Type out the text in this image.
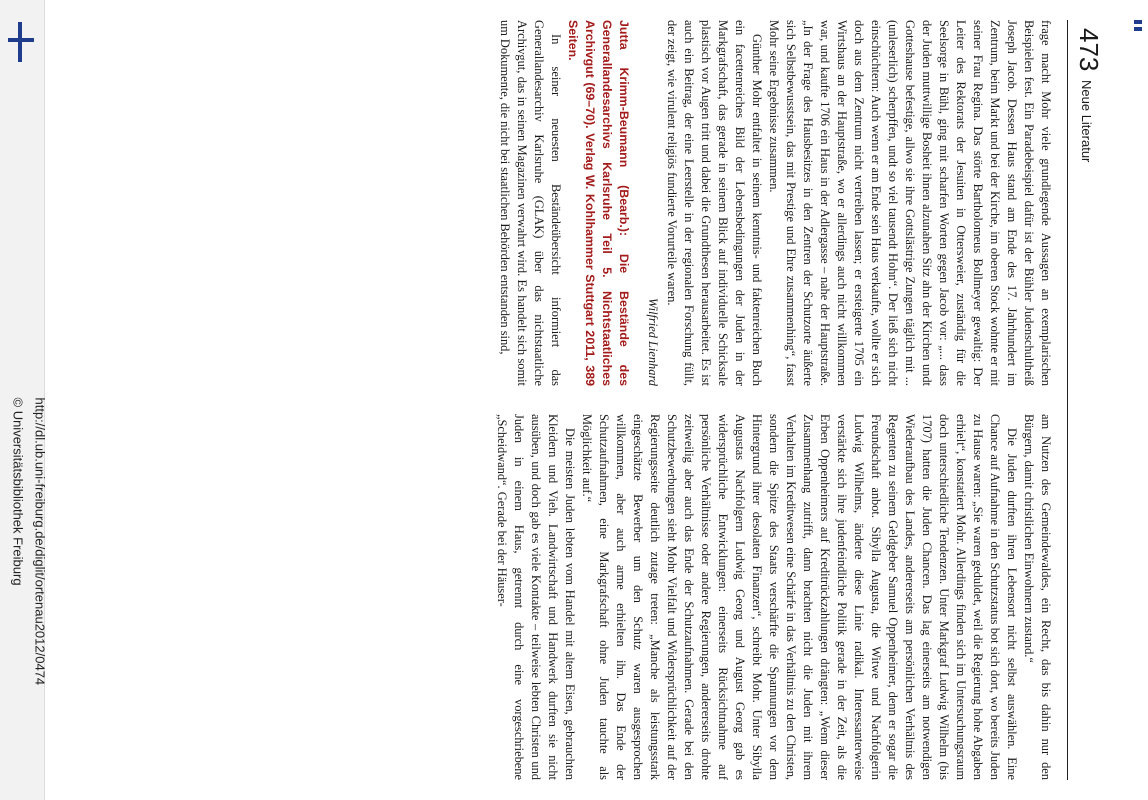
http://dl.ub.uni-freiburg.de/diglit/ortenau2012/0474
© Universitätsbibliothek Freiburg
473
Neue Literatur

frage macht Mohr viele grundlegende Aussagen an exemplarischen Beispielen fest. Ein Paradebeispiel dafür ist der Bühler Judenschultheiß Joseph Jacob. Dessen Haus stand am Ende des 17. Jahrhundert im Zentrum, beim Markt und bei der Kirche, im oberen Stock wohnte er mit seiner Frau Regina. Das störte Bartholomeus Bollmeyer gewaltig: Der Leiter des Rektorats der Jesuiten in Ottersweier, zuständig für die Seelsorge in Bühl, ging mit scharfen Worten gegen Jacob vor: „... dass der Juden muttwillige Bosheit ihnen alzunahen Sitz ahn der Kirchen undt Gotteshause befestige, allwo sie ihre Gottslästrige Zungen täglich mit ... (unleserlich) scherpffen, undt so viel tausendt Hohn“. Der ließ sich nicht einschüchtern: Auch wenn er am Ende sein Haus verkaufte, wollte er sich doch aus dem Zentrum nicht vertreiben lassen; er ersteigerte 1705 ein Wirtshaus an der Hauptstraße, wo er allerdings auch nicht willkommen war, und kaufte 1706 ein Haus in der Adlergasse – nahe der Hauptstraße. „In der Frage des Hausbesitzes in den Zentren der Schutzorte äußerte sich Selbstbewusstsein, das mit Prestige und Ehre zusammenhing“, fasst Mohr seine Ergebnisse zusammen.

Günther Mohr entfaltet in seinem kenntnis- und faktenreichen Buch ein facettenreiches Bild der Lebensbedingungen der Juden in der Markgrafschaft, das gerade in seinem Blick auf individuelle Schicksale plastisch vor Augen tritt und dabei die Grundthesen herausarbeitet. Es ist auch ein Beitrag, der eine Leerstelle in der regionalen Forschung füllt, der zeigt, wie virulent religiös fundierte Vorurteile waren.

Wilfried Lienhard
Jutta Krimm-Beumann (Bearb.): Die Bestände des Generallandesarchivs Karlsruhe Teil 5. Nichtstaatliches Archivgut (69–70). Verlag W. Kohlhammer Stuttgart 2011, 389 Seiten.

In seiner neuesten Beständeübersicht informiert das Generallandesarchiv Karlsruhe (GLAK) über das nichtstaatliche Archivgut, das in seinen Magazinen verwahrt wird. Es handelt sich somit um Dokumente, die nicht bei staatlichen Behörden entstanden sind,

am Nutzen des Gemeindewaldes, ein Recht, das bis dahin nur den Bürgern, damit christlichen Einwohnern zustand.“

Die Juden durften ihren Lebensort nicht selbst auswählen. Eine Chance auf Aufnahme in den Schutzstatus bot sich dort, wo bereits Juden zu Hause waren: „Sie waren geduldet, weil die Regierung hohe Abgaben erhielt“, konstatiert Mohr. Allerdings finden sich im Untersuchungsraum doch unterschiedliche Tendenzen. Unter Markgraf Ludwig Wilhelm (bis 1707) hatten die Juden Chancen. Das lag einerseits am notwendigen Wiederaufbau des Landes, andererseits am persönlichen Verhältnis des Regenten zu seinem Geldgeber Samuel Oppenheimer, denn er sogar die Freundschaft anbot. Sibylla Augusta, die Witwe und Nachfolgerin Ludwig Wilhelms, änderte diese Linie radikal. Interessanterweise verstärkte sich ihre judenfeindliche Politik gerade in der Zeit, als die Erben Oppenheimers auf Kreditrückzahlungen drängten: „Wenn dieser Zusammenhang zutrifft, dann brachten nicht die Juden mit ihrem Verhalten im Kreditwesen eine Schärfe in das Verhältnis zu den Christen, sondern die Spitze des Staats verschärfte die Spannungen vor dem Hintergrund ihrer desolaten Finanzen“, schreibt Mohr. Unter Sibylla Augustas Nachfolgern Ludwig Georg und August Georg gab es widersprüchliche Entwicklungen: einerseits Rücksichtnahme auf persönliche Verhältnisse oder andere Regierungen, andererseits drohte zeitweilig aber auch das Ende der Schutzaufnahmen. Gerade bei den Schutzbewerbungen sieht Mohr Vielfalt und Widersprüchlichkeit auf der Regierungsseite deutlich zutage treten: „Manche als leistungsstark eingeschätzte Bewerber um den Schutz waren ausgesprochen willkommen, aber auch arme erhielten ihn. Das Ende der Schutzaufnahmen, eine Markgrafschaft ohne Juden tauchte als Möglichkeit auf.“

Die meisten Juden lebten vom Handel mit altem Eisen, gebrauchten Kleidern und Vieh. Landwirtschaft und Handwerk durften sie nicht ausüben, und doch gab es viele Kontakte – teilweise lebten Christen und Juden in einem Haus, getrennt durch eine vorgeschriebene „Scheidwand“. Gerade bei der Häuser-
